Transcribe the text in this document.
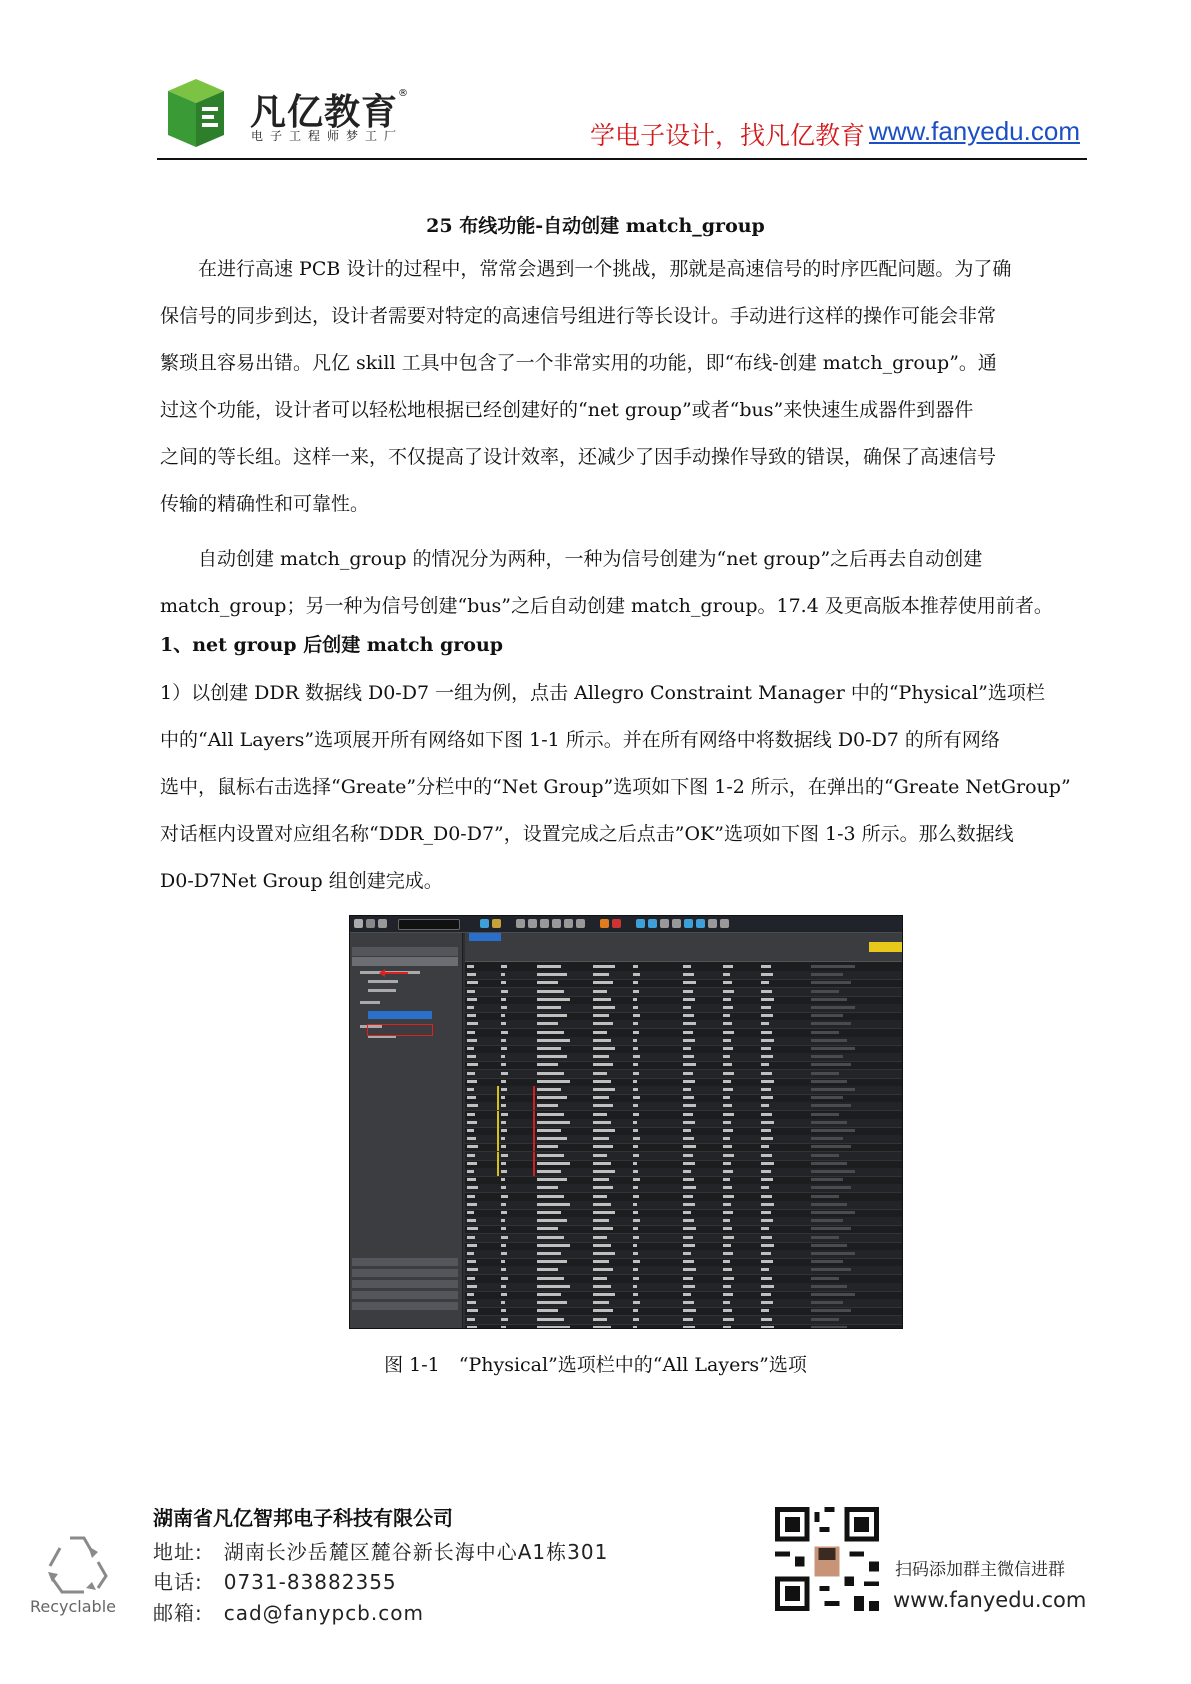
凡亿教育 ®
电子工程师梦工厂	学电子设计，找凡亿教育 www.fanyedu.com
25 布线功能-自动创建 match_group
　　在进行高速 PCB 设计的过程中，常常会遇到一个挑战，那就是高速信号的时序匹配问题。为了确
保信号的同步到达，设计者需要对特定的高速信号组进行等长设计。手动进行这样的操作可能会非常
繁琐且容易出错。凡亿 skill 工具中包含了一个非常实用的功能，即“布线-创建 match_group”。通
过这个功能，设计者可以轻松地根据已经创建好的“net group”或者“bus”来快速生成器件到器件
之间的等长组。这样一来，不仅提高了设计效率，还减少了因手动操作导致的错误，确保了高速信号
传输的精确性和可靠性。
　　自动创建 match_group 的情况分为两种，一种为信号创建为“net group”之后再去自动创建
match_group；另一种为信号创建“bus”之后自动创建 match_group。17.4 及更高版本推荐使用前者。
1、net group 后创建 match group
1）以创建 DDR 数据线 D0-D7 一组为例，点击 Allegro Constraint Manager 中的“Physical”选项栏
中的“All Layers”选项展开所有网络如下图 1-1 所示。并在所有网络中将数据线 D0-D7 的所有网络
选中，鼠标右击选择“Greate”分栏中的“Net Group”选项如下图 1-2 所示，在弹出的“Greate NetGroup”
对话框内设置对应组名称“DDR_D0-D7”，设置完成之后点击”OK”选项如下图 1-3 所示。那么数据线
D0-D7Net Group 组创建完成。
图 1-1　“Physical”选项栏中的“All Layers”选项
Recyclable
湖南省凡亿智邦电子科技有限公司
地址:　湖南长沙岳麓区麓谷新长海中心A1栋301
电话:　0731-83882355
邮箱:　cad@fanypcb.com
扫码添加群主微信进群
www.fanyedu.com
